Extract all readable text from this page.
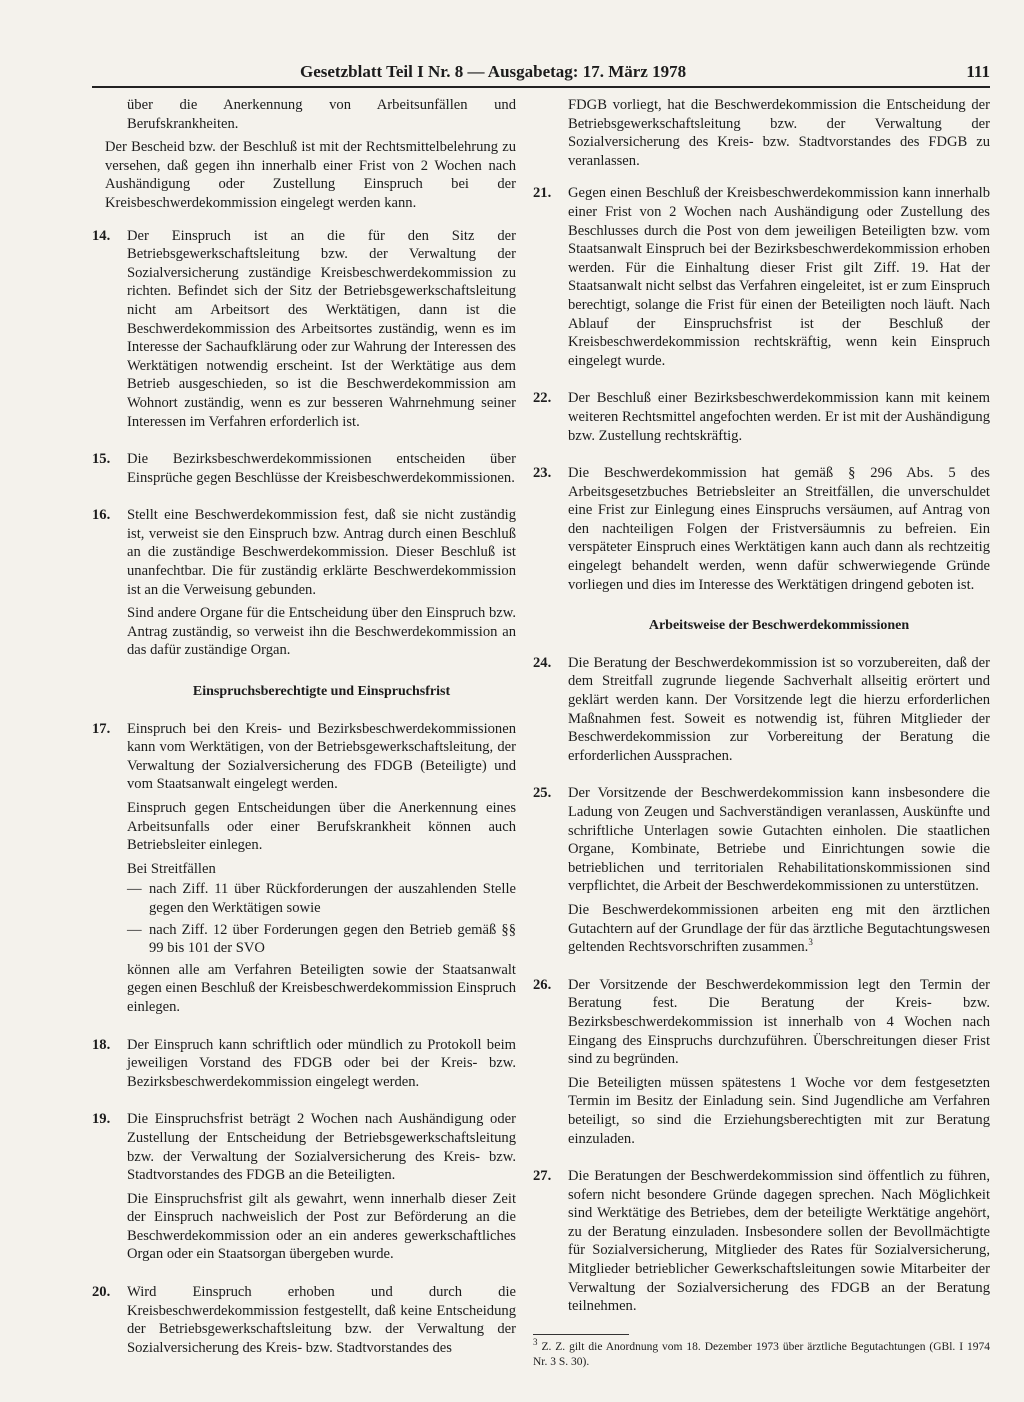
Gesetzblatt Teil I Nr. 8 — Ausgabetag: 17. März 1978	111

über die Anerkennung von Arbeitsunfällen und Berufskrankheiten.

Der Bescheid bzw. der Beschluß ist mit der Rechtsmittelbelehrung zu versehen, daß gegen ihn innerhalb einer Frist von 2 Wochen nach Aushändigung oder Zustellung Einspruch bei der Kreisbeschwerdekommission eingelegt werden kann.

14.	Der Einspruch ist an die für den Sitz der Betriebsgewerkschaftsleitung bzw. der Verwaltung der Sozialversicherung zuständige Kreisbeschwerdekommission zu richten. Befindet sich der Sitz der Betriebsgewerkschaftsleitung nicht am Arbeitsort des Werktätigen, dann ist die Beschwerdekommission des Arbeitsortes zuständig, wenn es im Interesse der Sachaufklärung oder zur Wahrung der Interessen des Werktätigen notwendig erscheint. Ist der Werktätige aus dem Betrieb ausgeschieden, so ist die Beschwerdekommission am Wohnort zuständig, wenn es zur besseren Wahrnehmung seiner Interessen im Verfahren erforderlich ist.

15.	Die Bezirksbeschwerdekommissionen entscheiden über Einsprüche gegen Beschlüsse der Kreisbeschwerdekommissionen.

16.	Stellt eine Beschwerdekommission fest, daß sie nicht zuständig ist, verweist sie den Einspruch bzw. Antrag durch einen Beschluß an die zuständige Beschwerdekommission. Dieser Beschluß ist unanfechtbar. Die für zuständig erklärte Beschwerdekommission ist an die Verweisung gebunden.

Sind andere Organe für die Entscheidung über den Einspruch bzw. Antrag zuständig, so verweist ihn die Beschwerdekommission an das dafür zuständige Organ.

Einspruchsberechtigte und Einspruchsfrist
17.	Einspruch bei den Kreis- und Bezirksbeschwerdekommissionen kann vom Werktätigen, von der Betriebsgewerkschaftsleitung, der Verwaltung der Sozialversicherung des FDGB (Beteiligte) und vom Staatsanwalt eingelegt werden.

Einspruch gegen Entscheidungen über die Anerkennung eines Arbeitsunfalls oder einer Berufskrankheit können auch Betriebsleiter einlegen.

Bei Streitfällen

— nach Ziff. 11 über Rückforderungen der auszahlenden Stelle gegen den Werktätigen sowie
— nach Ziff. 12 über Forderungen gegen den Betrieb gemäß §§ 99 bis 101 der SVO

können alle am Verfahren Beteiligten sowie der Staatsanwalt gegen einen Beschluß der Kreisbeschwerdekommission Einspruch einlegen.

18.	Der Einspruch kann schriftlich oder mündlich zu Protokoll beim jeweiligen Vorstand des FDGB oder bei der Kreis- bzw. Bezirksbeschwerdekommission eingelegt werden.

19.	Die Einspruchsfrist beträgt 2 Wochen nach Aushändigung oder Zustellung der Entscheidung der Betriebsgewerkschaftsleitung bzw. der Verwaltung der Sozialversicherung des Kreis- bzw. Stadtvorstandes des FDGB an die Beteiligten.

Die Einspruchsfrist gilt als gewahrt, wenn innerhalb dieser Zeit der Einspruch nachweislich der Post zur Beförderung an die Beschwerdekommission oder an ein anderes gewerkschaftliches Organ oder ein Staatsorgan übergeben wurde.

20.	Wird Einspruch erhoben und durch die Kreisbeschwerdekommission festgestellt, daß keine Entscheidung der Betriebsgewerkschaftsleitung bzw. der Verwaltung der Sozialversicherung des Kreis- bzw. Stadtvorstandes des

FDGB vorliegt, hat die Beschwerdekommission die Entscheidung der Betriebsgewerkschaftsleitung bzw. der Verwaltung der Sozialversicherung des Kreis- bzw. Stadtvorstandes des FDGB zu veranlassen.

21.	Gegen einen Beschluß der Kreisbeschwerdekommission kann innerhalb einer Frist von 2 Wochen nach Aushändigung oder Zustellung des Beschlusses durch die Post von dem jeweiligen Beteiligten bzw. vom Staatsanwalt Einspruch bei der Bezirksbeschwerdekommission erhoben werden. Für die Einhaltung dieser Frist gilt Ziff. 19. Hat der Staatsanwalt nicht selbst das Verfahren eingeleitet, ist er zum Einspruch berechtigt, solange die Frist für einen der Beteiligten noch läuft. Nach Ablauf der Einspruchsfrist ist der Beschluß der Kreisbeschwerdekommission rechtskräftig, wenn kein Einspruch eingelegt wurde.

22.	Der Beschluß einer Bezirksbeschwerdekommission kann mit keinem weiteren Rechtsmittel angefochten werden. Er ist mit der Aushändigung bzw. Zustellung rechtskräftig.

23.	Die Beschwerdekommission hat gemäß § 296 Abs. 5 des Arbeitsgesetzbuches Betriebsleiter an Streitfällen, die unverschuldet eine Frist zur Einlegung eines Einspruchs versäumen, auf Antrag von den nachteiligen Folgen der Fristversäumnis zu befreien. Ein verspäteter Einspruch eines Werktätigen kann auch dann als rechtzeitig eingelegt behandelt werden, wenn dafür schwerwiegende Gründe vorliegen und dies im Interesse des Werktätigen dringend geboten ist.

Arbeitsweise der Beschwerdekommissionen
24.	Die Beratung der Beschwerdekommission ist so vorzubereiten, daß der dem Streitfall zugrunde liegende Sachverhalt allseitig erörtert und geklärt werden kann. Der Vorsitzende legt die hierzu erforderlichen Maßnahmen fest. Soweit es notwendig ist, führen Mitglieder der Beschwerdekommission zur Vorbereitung der Beratung die erforderlichen Aussprachen.

25.	Der Vorsitzende der Beschwerdekommission kann insbesondere die Ladung von Zeugen und Sachverständigen veranlassen, Auskünfte und schriftliche Unterlagen sowie Gutachten einholen. Die staatlichen Organe, Kombinate, Betriebe und Einrichtungen sowie die betrieblichen und territorialen Rehabilitationskommissionen sind verpflichtet, die Arbeit der Beschwerdekommissionen zu unterstützen.

Die Beschwerdekommissionen arbeiten eng mit den ärztlichen Gutachtern auf der Grundlage der für das ärztliche Begutachtungswesen geltenden Rechtsvorschriften zusammen.$^3$

26.	Der Vorsitzende der Beschwerdekommission legt den Termin der Beratung fest. Die Beratung der Kreis- bzw. Bezirksbeschwerdekommission ist innerhalb von 4 Wochen nach Eingang des Einspruchs durchzuführen. Überschreitungen dieser Frist sind zu begründen.

Die Beteiligten müssen spätestens 1 Woche vor dem festgesetzten Termin im Besitz der Einladung sein. Sind Jugendliche am Verfahren beteiligt, so sind die Erziehungsberechtigten mit zur Beratung einzuladen.

27.	Die Beratungen der Beschwerdekommission sind öffentlich zu führen, sofern nicht besondere Gründe dagegen sprechen. Nach Möglichkeit sind Werktätige des Betriebes, dem der beteiligte Werktätige angehört, zu der Beratung einzuladen. Insbesondere sollen der Bevollmächtigte für Sozialversicherung, Mitglieder des Rates für Sozialversicherung, Mitglieder betrieblicher Gewerkschaftsleitungen sowie Mitarbeiter der Verwaltung der Sozialversicherung des FDGB an der Beratung teilnehmen.

$^3$ Z. Z. gilt die Anordnung vom 18. Dezember 1973 über ärztliche Begutachtungen (GBl. I 1974 Nr. 3 S. 30).
